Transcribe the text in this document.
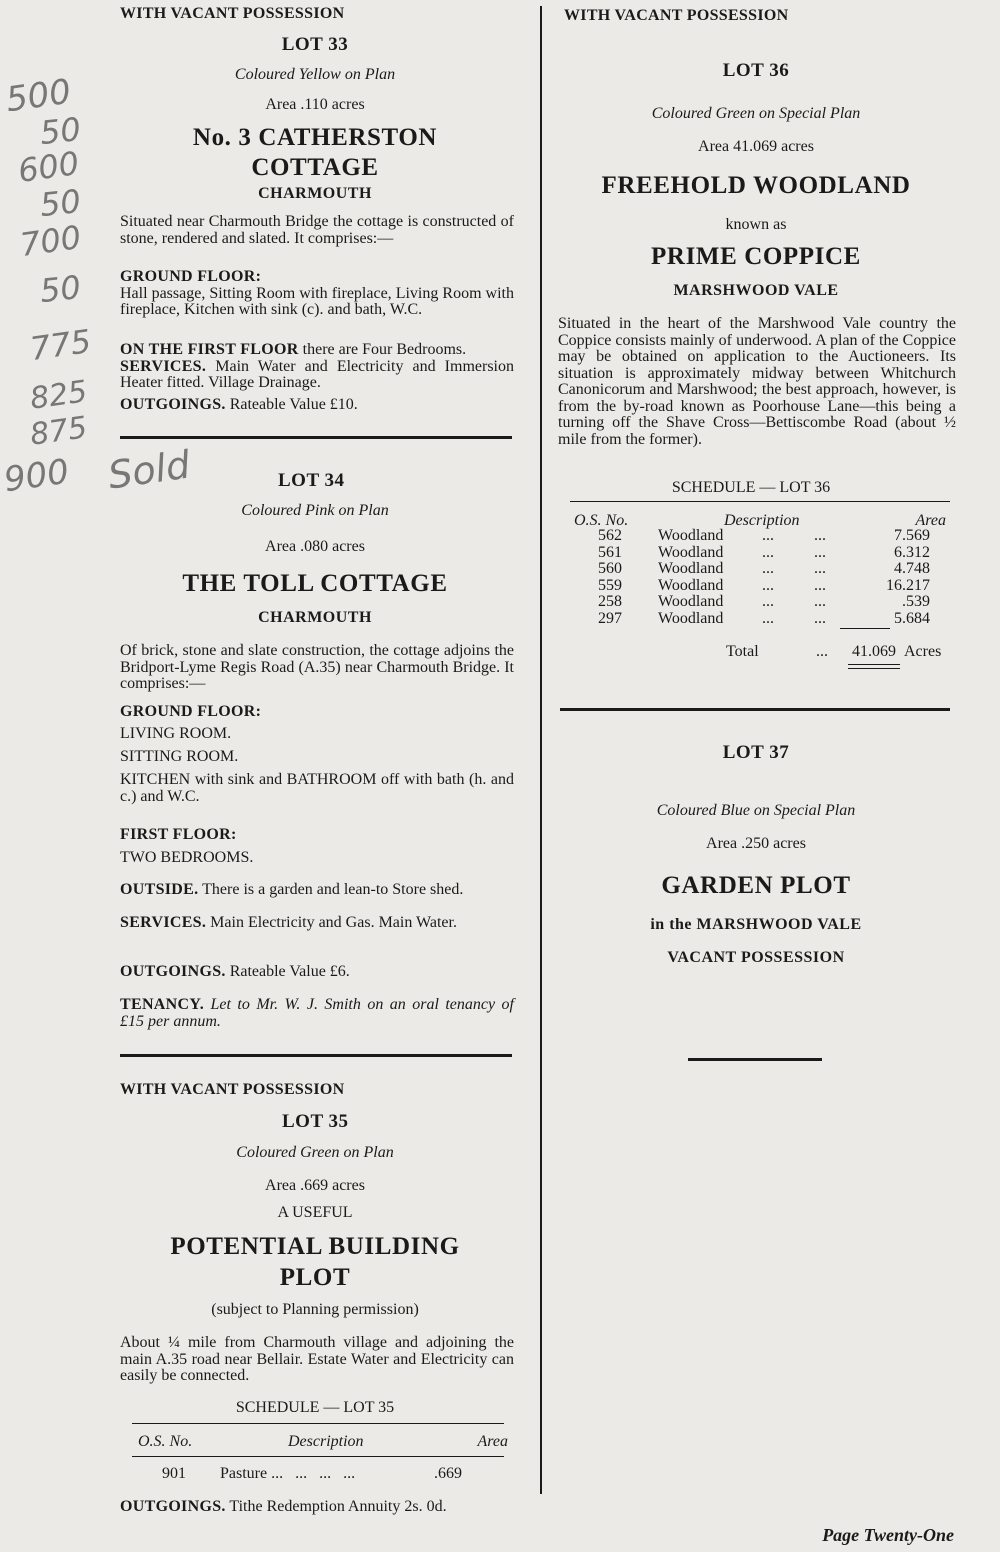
500
50
600
50
700
50
775
825
875
900 Sold
WITH VACANT POSSESSION
LOT 33
Coloured Yellow on Plan
Area .110 acres
No. 3 CATHERSTON
COTTAGE
CHARMOUTH
Situated near Charmouth Bridge the cottage is constructed of stone, rendered and slated. It comprises:—
GROUND FLOOR:
Hall passage, Sitting Room with fireplace, Living Room with fireplace, Kitchen with sink (c). and bath, W.C.
ON THE FIRST FLOOR there are Four Bedrooms.
SERVICES. Main Water and Electricity and Immersion Heater fitted. Village Drainage.
OUTGOINGS. Rateable Value £10.
LOT 34
Coloured Pink on Plan
Area .080 acres
THE TOLL COTTAGE
CHARMOUTH
Of brick, stone and slate construction, the cottage adjoins the Bridport-Lyme Regis Road (A.35) near Charmouth Bridge. It comprises:—
GROUND FLOOR:
LIVING ROOM.
SITTING ROOM.
KITCHEN with sink and BATHROOM off with bath (h. and c.) and W.C.
FIRST FLOOR:
TWO BEDROOMS.
OUTSIDE. There is a garden and lean-to Store shed.
SERVICES. Main Electricity and Gas. Main Water.
OUTGOINGS. Rateable Value £6.
TENANCY. Let to Mr. W. J. Smith on an oral tenancy of £15 per annum.
WITH VACANT POSSESSION
LOT 35
Coloured Green on Plan
Area .669 acres
A USEFUL
POTENTIAL BUILDING
PLOT
(subject to Planning permission)
About ¼ mile from Charmouth village and adjoining the main A.35 road near Bellair. Estate Water and Electricity can easily be connected.
SCHEDULE — LOT 35
O.S. No.	Description	Area
901 Pasture ...   ...   ...   ...	.669
OUTGOINGS. Tithe Redemption Annuity 2s. 0d.
WITH VACANT POSSESSION
LOT 36
Coloured Green on Special Plan
Area 41.069 acres
FREEHOLD WOODLAND
known as
PRIME COPPICE
MARSHWOOD VALE
Situated in the heart of the Marshwood Vale country the Coppice consists mainly of underwood. A plan of the Coppice may be obtained on application to the Auctioneers. Its situation is approximately midway between Whitchurch Canonicorum and Marshwood; the best approach, however, is from the by-road known as Poorhouse Lane—this being a turning off the Shave Cross—Bettiscombe Road (about ½ mile from the former).
SCHEDULE — LOT 36
O.S. No.	Description	Area
562	Woodland	...	...	7.569
561	Woodland	...	...	6.312
560	Woodland	...	...	4.748
559	Woodland	...	...	16.217
258	Woodland	...	...	.539
297	Woodland	...	...	5.684
Total	... 41.069 Acres
LOT 37
Coloured Blue on Special Plan
Area .250 acres
GARDEN PLOT
in the MARSHWOOD VALE
VACANT POSSESSION
Page Twenty-One
